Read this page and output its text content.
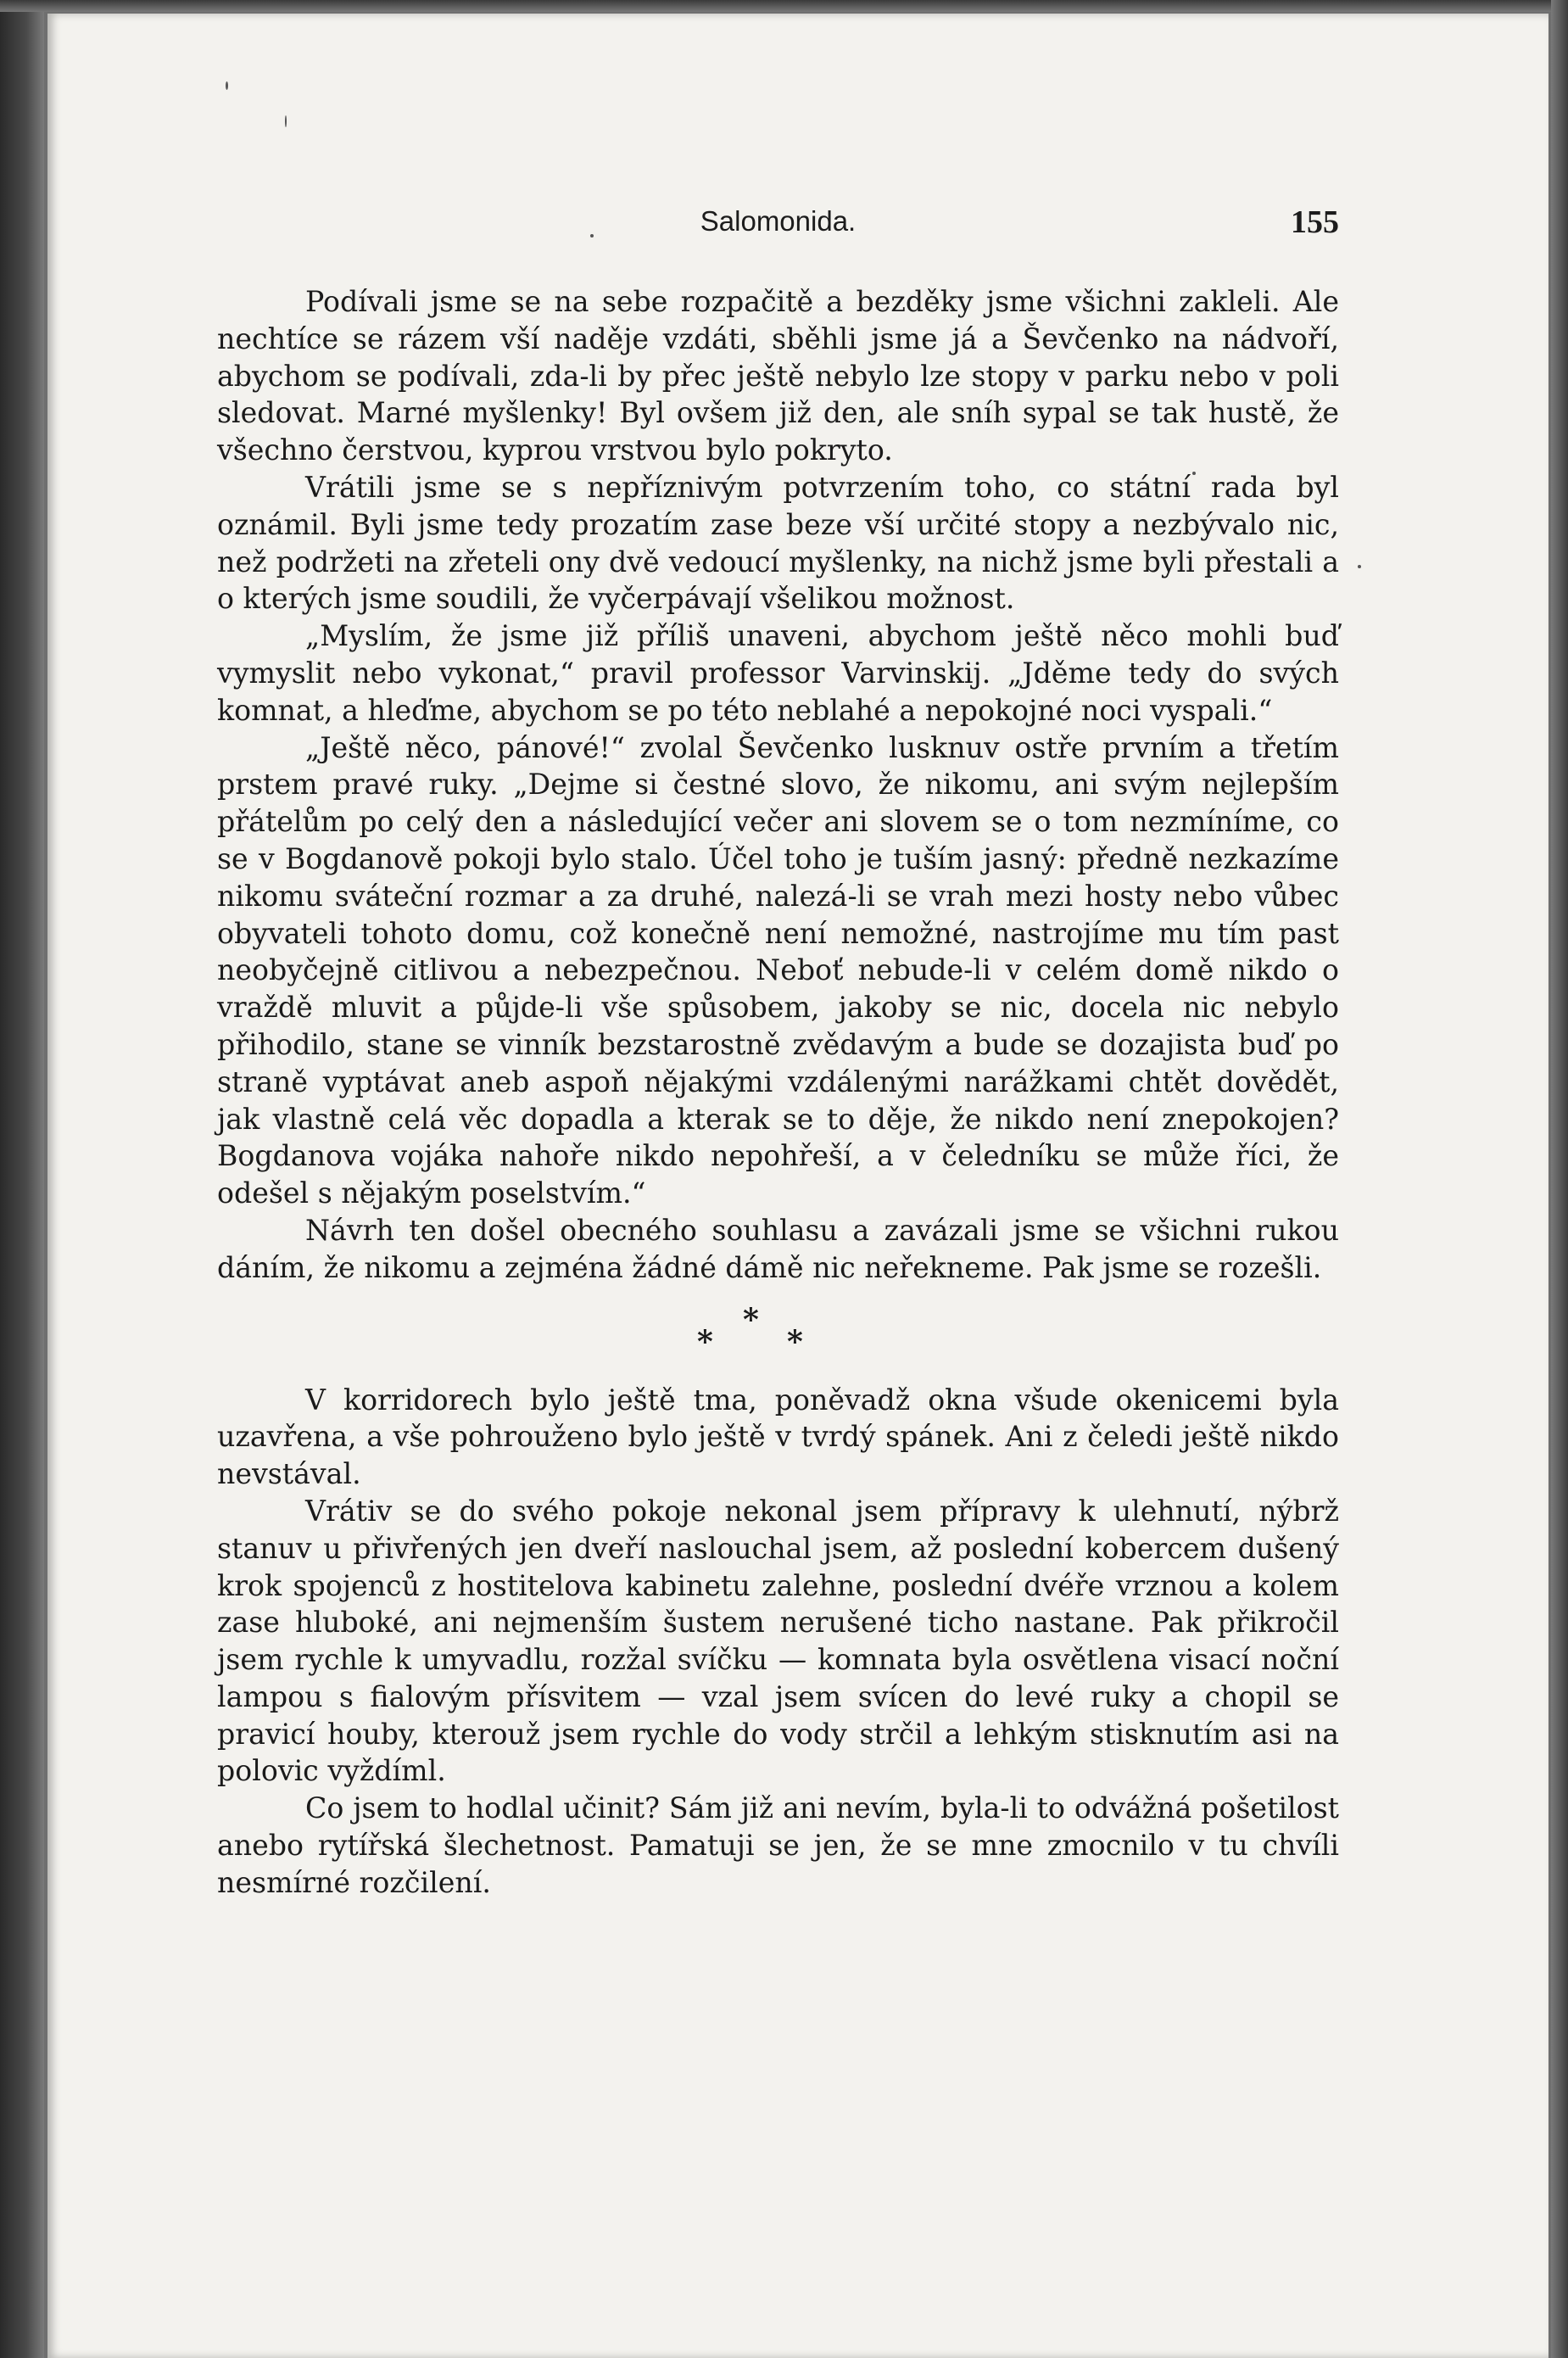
Salomonida.	155

Podívali jsme se na sebe rozpačitě a bezděky jsme všichni zakleli. Ale nechtíce se rázem vší naděje vzdáti, sběhli jsme já a Ševčenko na nádvoří, abychom se podívali, zda-li by přec ještě nebylo lze stopy v parku nebo v poli sledovat. Marné myšlenky! Byl ovšem již den, ale sníh sypal se tak hustě, že všechno čerstvou, kyprou vrstvou bylo pokryto.

Vrátili jsme se s nepříznivým potvrzením toho, co státní rada byl oznámil. Byli jsme tedy prozatím zase beze vší určité stopy a nezbývalo nic, než podržeti na zřeteli ony dvě vedoucí myšlenky, na nichž jsme byli přestali a o kterých jsme soudili, že vyčerpávají všelikou možnost.

„Myslím, že jsme již příliš unaveni, abychom ještě něco mohli buď vymyslit nebo vykonat,“ pravil professor Varvinskij. „Jděme tedy do svých komnat, a hleďme, abychom se po této neblahé a nepokojné noci vyspali.“

„Ještě něco, pánové!“ zvolal Ševčenko lusknuv ostře prvním a třetím prstem pravé ruky. „Dejme si čestné slovo, že nikomu, ani svým nejlepším přátelům po celý den a následující večer ani slovem se o tom nezmíníme, co se v Bogdanově pokoji bylo stalo. Účel toho je tuším jasný: předně nezkazíme nikomu sváteční rozmar a za druhé, nalezá-li se vrah mezi hosty nebo vůbec obyvateli tohoto domu, což konečně není nemožné, nastrojíme mu tím past neobyčejně citlivou a nebezpečnou. Neboť nebude-li v celém domě nikdo o vraždě mluvit a půjde-li vše spůsobem, jakoby se nic, docela nic nebylo přihodilo, stane se vinník bezstarostně zvědavým a bude se dozajista buď po straně vyptávat aneb aspoň nějakými vzdálenými narážkami chtět dovědět, jak vlastně celá věc dopadla a kterak se to děje, že nikdo není znepokojen? Bogdanova vojáka nahoře nikdo nepohřeší, a v čeledníku se může říci, že odešel s nějakým poselstvím.“

Návrh ten došel obecného souhlasu a zavázali jsme se všichni rukou dáním, že nikomu a zejména žádné dámě nic neřekneme. Pak jsme se rozešli.

*
* *

V korridorech bylo ještě tma, poněvadž okna všude okenicemi byla uzavřena, a vše pohrouženo bylo ještě v tvrdý spánek. Ani z čeledi ještě nikdo nevstával.

Vrátiv se do svého pokoje nekonal jsem přípravy k ulehnutí, nýbrž stanuv u přivřených jen dveří naslouchal jsem, až poslední kobercem dušený krok spojenců z hostitelova kabinetu zalehne, poslední dvéře vrznou a kolem zase hluboké, ani nejmenším šustem nerušené ticho nastane. Pak přikročil jsem rychle k umyvadlu, rozžal svíčku — komnata byla osvětlena visací noční lampou s fialovým přísvitem — vzal jsem svícen do levé ruky a chopil se pravicí houby, kterouž jsem rychle do vody strčil a lehkým stisknutím asi na polovic vyždíml.

Co jsem to hodlal učinit? Sám již ani nevím, byla-li to odvážná pošetilost anebo rytířská šlechetnost. Pamatuji se jen, že se mne zmocnilo v tu chvíli nesmírné rozčilení.
